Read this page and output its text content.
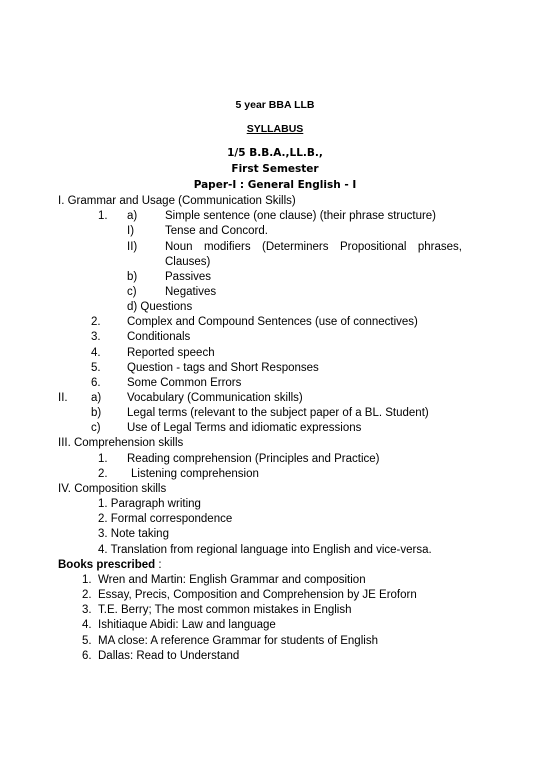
5 year BBA LLB
SYLLABUS
1/5 B.B.A.,LL.B.,
First Semester
Paper-I : General English - I
I. Grammar and Usage (Communication Skills)
1. a) Simple sentence (one clause) (their phrase structure)
I)	Tense and Concord.
II) Noun modifiers (Determiners Propositional phrases,
Clauses)
b) Passives
c) Negatives
d) Questions
2. Complex and Compound Sentences (use of connectives)
3. Conditionals
4. Reported speech
5. Question - tags and Short Responses
6. Some Common Errors
II. a) Vocabulary (Communication skills)
b) Legal terms (relevant to the subject paper of a BL. Student)
c) Use of Legal Terms and idiomatic expressions
III. Comprehension skills
1. Reading comprehension (Principles and Practice)
2. Listening comprehension
IV. Composition skills
1. Paragraph writing
2. Formal correspondence
3. Note taking
4. Translation from regional language into English and vice-versa.
Books prescribed :
1. Wren and Martin: English Grammar and composition
2. Essay, Precis, Composition and Comprehension by JE Eroforn
3. T.E. Berry; The most common mistakes in English
4. Ishitiaque Abidi: Law and language
5. MA close: A reference Grammar for students of English
6. Dallas: Read to Understand
